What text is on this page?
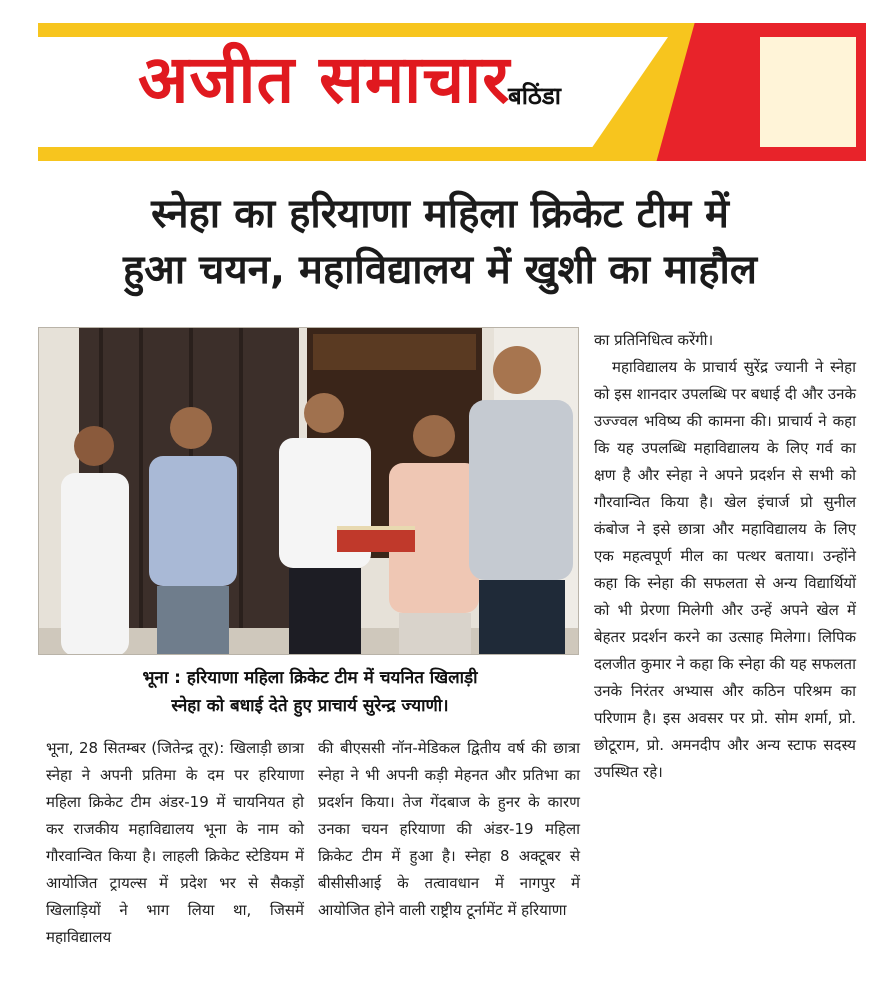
अजीत समाचार
बठिंडा
स्नेहा का हरियाणा महिला क्रिकेट टीम में
हुआ चयन, महाविद्यालय में खुशी का माहौल
भूना : हरियाणा महिला क्रिकेट टीम में चयनित खिलाड़ी
स्नेहा को बधाई देते हुए प्राचार्य सुरेन्द्र ज्याणी।

भूना, 28 सितम्बर (जितेन्द्र तूर): खिलाड़ी छात्रा स्नेहा ने अपनी प्रतिमा के दम पर हरियाणा महिला क्रिकेट टीम अंडर-19 में चायनियत हो कर राजकीय महाविद्यालय भूना के नाम को गौरवान्वित किया है। लाहली क्रिकेट स्टेडियम में आयोजित ट्रायल्स में प्रदेश भर से सैकड़ों खिलाड़ियों ने भाग लिया था, जिसमें महाविद्यालय

की बीएससी नॉन-मेडिकल द्वितीय वर्ष की छात्रा स्नेहा ने भी अपनी कड़ी मेहनत और प्रतिभा का प्रदर्शन किया। तेज गेंदबाज के हुनर के कारण उनका चयन हरियाणा की अंडर-19 महिला क्रिकेट टीम में हुआ है। स्नेहा 8 अक्टूबर से बीसीसीआई के तत्वावधान में नागपुर में आयोजित होने वाली राष्ट्रीय टूर्नामेंट में हरियाणा

का प्रतिनिधित्व करेंगी।

महाविद्यालय के प्राचार्य सुरेंद्र ज्यानी ने स्नेहा को इस शानदार उपलब्धि पर बधाई दी और उनके उज्ज्वल भविष्य की कामना की। प्राचार्य ने कहा कि यह उपलब्धि महाविद्यालय के लिए गर्व का क्षण है और स्नेहा ने अपने प्रदर्शन से सभी को गौरवान्वित किया है। खेल इंचार्ज प्रो सुनील कंबोज ने इसे छात्रा और महाविद्यालय के लिए एक महत्वपूर्ण मील का पत्थर बताया। उन्होंने कहा कि स्नेहा की सफलता से अन्य विद्यार्थियों को भी प्रेरणा मिलेगी और उन्हें अपने खेल में बेहतर प्रदर्शन करने का उत्साह मिलेगा। लिपिक दलजीत कुमार ने कहा कि स्नेहा की यह सफलता उनके निरंतर अभ्यास और कठिन परिश्रम का परिणाम है। इस अवसर पर प्रो. सोम शर्मा, प्रो. छोटूराम, प्रो. अमनदीप और अन्य स्टाफ सदस्य उपस्थित रहे।
